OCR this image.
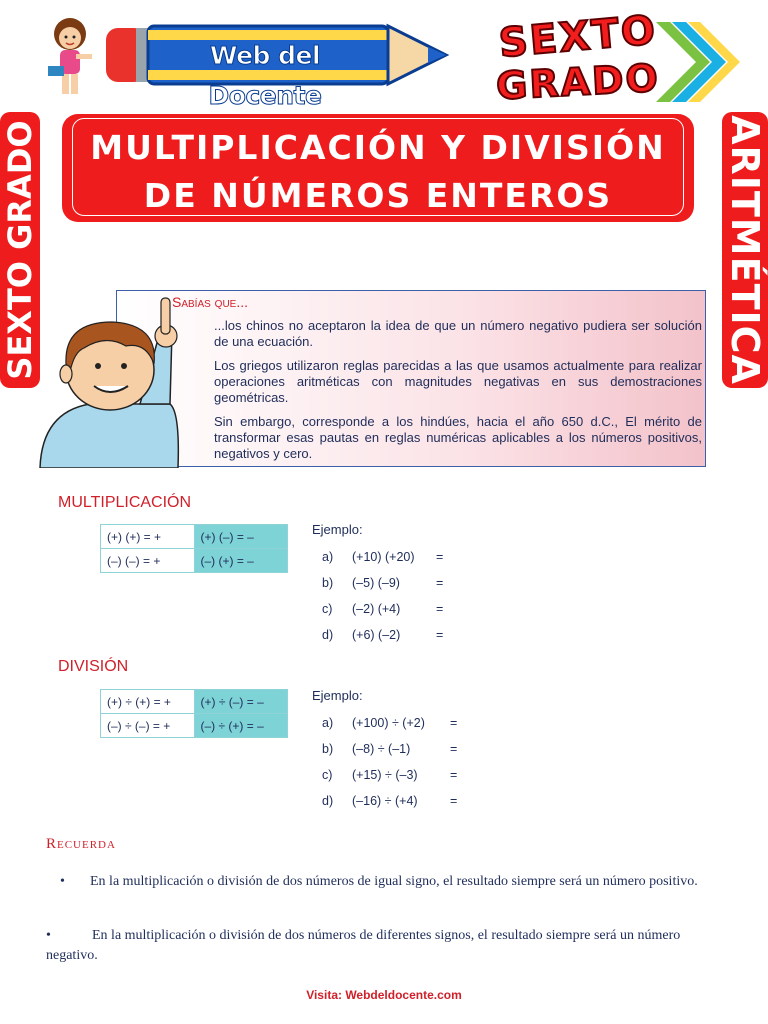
Web del Docente
SEXTO
GRADO
SEXTO GRADO	ARITMÉTICA
MULTIPLICACIÓN Y DIVISIÓN
DE NÚMEROS ENTEROS
Sabías que...
...los chinos no aceptaron la idea de que un número negativo pudiera ser solución de una ecuación.
Los griegos utilizaron reglas parecidas a las que usamos actualmente para realizar operaciones aritméticas con magnitudes negativas en sus demostraciones geométricas.
Sin embargo, corresponde a los hindúes, hacia el año 650 d.C., El mérito de transformar esas pautas en reglas numéricas aplicables a los números positivos, negativos y cero.
MULTIPLICACIÓN
(+) (+) = +	(+) (–) = –
(–) (–) = +	(–) (+) = –
Ejemplo:
a) (+10) (+20) =
b) (–5) (–9)	=
c) (–2) (+4)	=
d) (+6) (–2)	=
DIVISIÓN
(+) ÷ (+) = +	(+) ÷ (–) = –
(–) ÷ (–) = +	(–) ÷ (+) = –
Ejemplo:
a) (+100) ÷ (+2) =
b) (–8) ÷ (–1)	=
c) (+15) ÷ (–3)	=
d) (–16) ÷ (+4)	=
Recuerda
• En la multiplicación o división de dos números de igual signo, el resultado siempre será un número positivo.
En la multiplicación o división de dos números de diferentes signos, el resultado siempre será un número negativo.
•
Visita: Webdeldocente.com
